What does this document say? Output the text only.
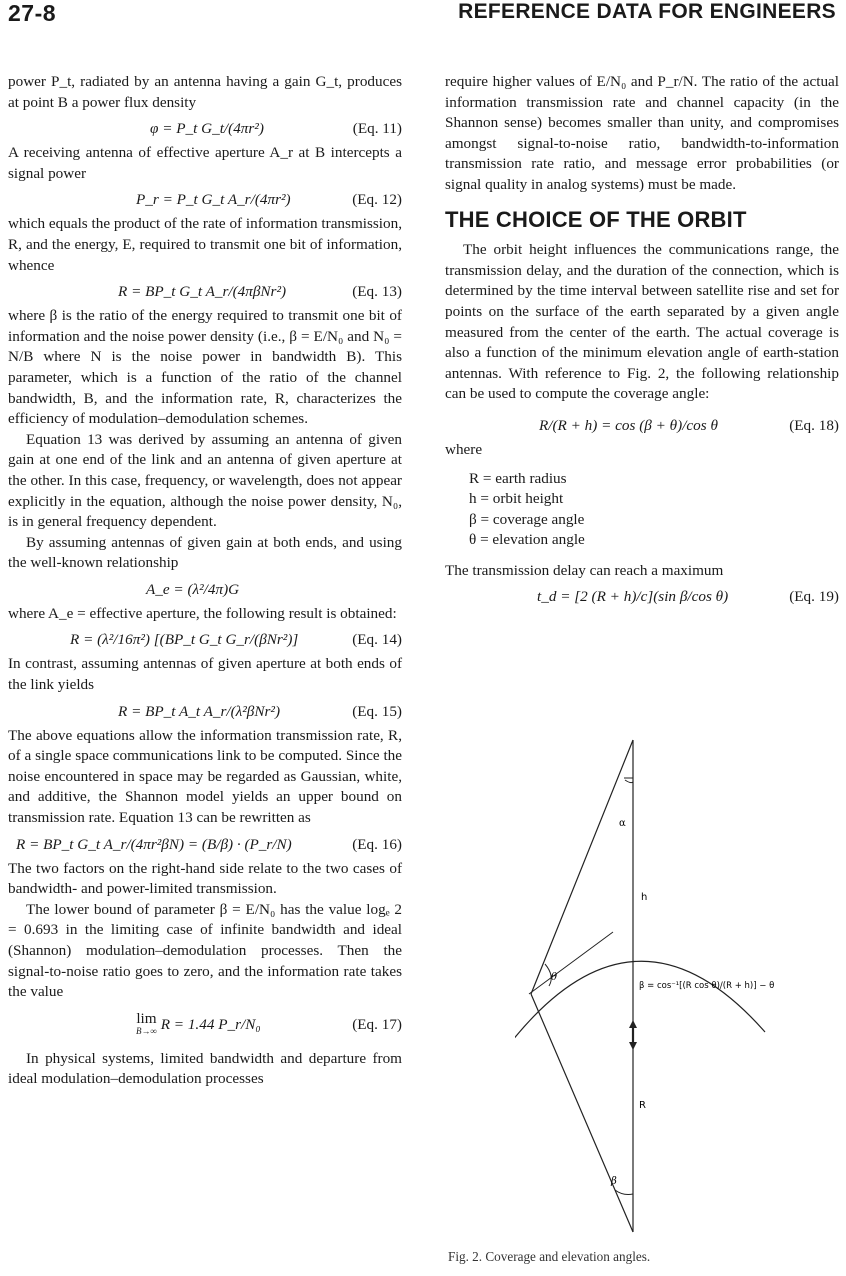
27-8	REFERENCE DATA FOR ENGINEERS

power P_t, radiated by an antenna having a gain G_t, produces at point B a power flux density

φ = P_t G_t/(4πr²)	(Eq. 11)

A receiving antenna of effective aperture A_r at B intercepts a signal power

P_r = P_t G_t A_r/(4πr²)	(Eq. 12)

which equals the product of the rate of information transmission, R, and the energy, E, required to transmit one bit of information, whence

R = BP_t G_t A_r/(4πβNr²)	(Eq. 13)

where β is the ratio of the energy required to transmit one bit of information and the noise power density (i.e., β = E/N₀ and N₀ = N/B where N is the noise power in bandwidth B). This parameter, which is a function of the ratio of the channel bandwidth, B, and the information rate, R, characterizes the efficiency of modulation–demodulation schemes.

Equation 13 was derived by assuming an antenna of given gain at one end of the link and an antenna of given aperture at the other. In this case, frequency, or wavelength, does not appear explicitly in the equation, although the noise power density, N₀, is in general frequency dependent.

By assuming antennas of given gain at both ends, and using the well-known relationship

A_e = (λ²/4π)G

where A_e = effective aperture, the following result is obtained:

R = (λ²/16π²) [(BP_t G_t G_r/(βNr²)]	(Eq. 14)

In contrast, assuming antennas of given aperture at both ends of the link yields

R = BP_t A_t A_r/(λ²βNr²)	(Eq. 15)

The above equations allow the information transmission rate, R, of a single space communications link to be computed. Since the noise encountered in space may be regarded as Gaussian, white, and additive, the Shannon model yields an upper bound on transmission rate. Equation 13 can be rewritten as

R = BP_t G_t A_r/(4πr²βN) = (B/β) · (P_r/N)	(Eq. 16)

The two factors on the right-hand side relate to the two cases of bandwidth- and power-limited transmission.

The lower bound of parameter β = E/N₀ has the value logₑ 2 = 0.693 in the limiting case of infinite bandwidth and ideal (Shannon) modulation–demodulation processes. Then the signal-to-noise ratio goes to zero, and the information rate takes the value

lim
B→∞ R = 1.44 P_r/N₀	(Eq. 17)

In physical systems, limited bandwidth and departure from ideal modulation–demodulation processes

require higher values of E/N₀ and P_r/N. The ratio of the actual information transmission rate and channel capacity (in the Shannon sense) becomes smaller than unity, and compromises amongst signal-to-noise ratio, bandwidth-to-information transmission rate ratio, and message error probabilities (or signal quality in analog systems) must be made.

THE CHOICE OF THE ORBIT

The orbit height influences the communications range, the transmission delay, and the duration of the connection, which is determined by the time interval between satellite rise and set for points on the surface of the earth separated by a given angle measured from the center of the earth. The actual coverage is also a function of the minimum elevation angle of earth-station antennas. With reference to Fig. 2, the following relationship can be used to compute the coverage angle:

R/(R + h) = cos (β + θ)/cos θ	(Eq. 18)

where

R = earth radius
h = orbit height
β = coverage angle
θ = elevation angle

The transmission delay can reach a maximum

t_d = [2 (R + h)/c](sin β/cos θ)	(Eq. 19)
α
h
β = cos⁻¹[(R cos θ)/(R + h)] − θ
θ
R
β
Fig. 2. Coverage and elevation angles.
